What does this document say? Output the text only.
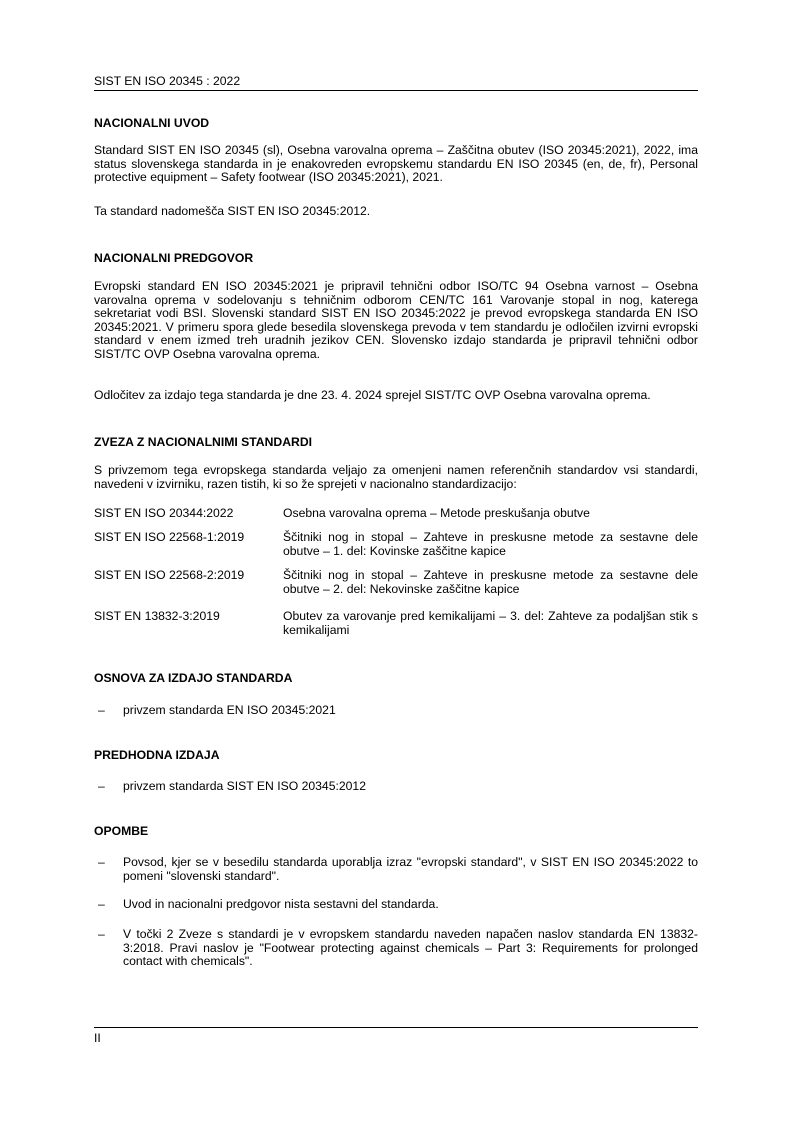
SIST EN ISO 20345 : 2022
NACIONALNI UVOD

Standard SIST EN ISO 20345 (sl), Osebna varovalna oprema – Zaščitna obutev (ISO 20345:2021), 2022, ima status slovenskega standarda in je enakovreden evropskemu standardu EN ISO 20345 (en, de, fr), Personal protective equipment – Safety footwear (ISO 20345:2021), 2021.

Ta standard nadomešča SIST EN ISO 20345:2012.

NACIONALNI PREDGOVOR

Evropski standard EN ISO 20345:2021 je pripravil tehnični odbor ISO/TC 94 Osebna varnost – Osebna varovalna oprema v sodelovanju s tehničnim odborom CEN/TC 161 Varovanje stopal in nog, katerega sekretariat vodi BSI. Slovenski standard SIST EN ISO 20345:2022 je prevod evropskega standarda EN ISO 20345:2021. V primeru spora glede besedila slovenskega prevoda v tem standardu je odločilen izvirni evropski standard v enem izmed treh uradnih jezikov CEN. Slovensko izdajo standarda je pripravil tehnični odbor SIST/TC OVP Osebna varovalna oprema.

Odločitev za izdajo tega standarda je dne 23. 4. 2024 sprejel SIST/TC OVP Osebna varovalna oprema.

ZVEZA Z NACIONALNIMI STANDARDI

S privzemom tega evropskega standarda veljajo za omenjeni namen referenčnih standardov vsi standardi, navedeni v izvirniku, razen tistih, ki so že sprejeti v nacionalno standardizacijo:

SIST EN ISO 20344:2022	Osebna varovalna oprema – Metode preskušanja obutve
SIST EN ISO 22568-1:2019	Ščitniki nog in stopal – Zahteve in preskusne metode za sestavne dele obutve – 1. del: Kovinske zaščitne kapice
SIST EN ISO 22568-2:2019	Ščitniki nog in stopal – Zahteve in preskusne metode za sestavne dele obutve – 2. del: Nekovinske zaščitne kapice
SIST EN 13832-3:2019	Obutev za varovanje pred kemikalijami – 3. del: Zahteve za podaljšan stik s kemikalijami
OSNOVA ZA IZDAJO STANDARDA
–	privzem standarda EN ISO 20345:2021
PREDHODNA IZDAJA
–	privzem standarda SIST EN ISO 20345:2012
OPOMBE
–	Povsod, kjer se v besedilu standarda uporablja izraz "evropski standard", v SIST EN ISO 20345:2022 to pomeni "slovenski standard".
–	Uvod in nacionalni predgovor nista sestavni del standarda.
–	V točki 2 Zveze s standardi je v evropskem standardu naveden napačen naslov standarda EN 13832-3:2018. Pravi naslov je "Footwear protecting against chemicals – Part 3: Requirements for prolonged contact with chemicals".
II
